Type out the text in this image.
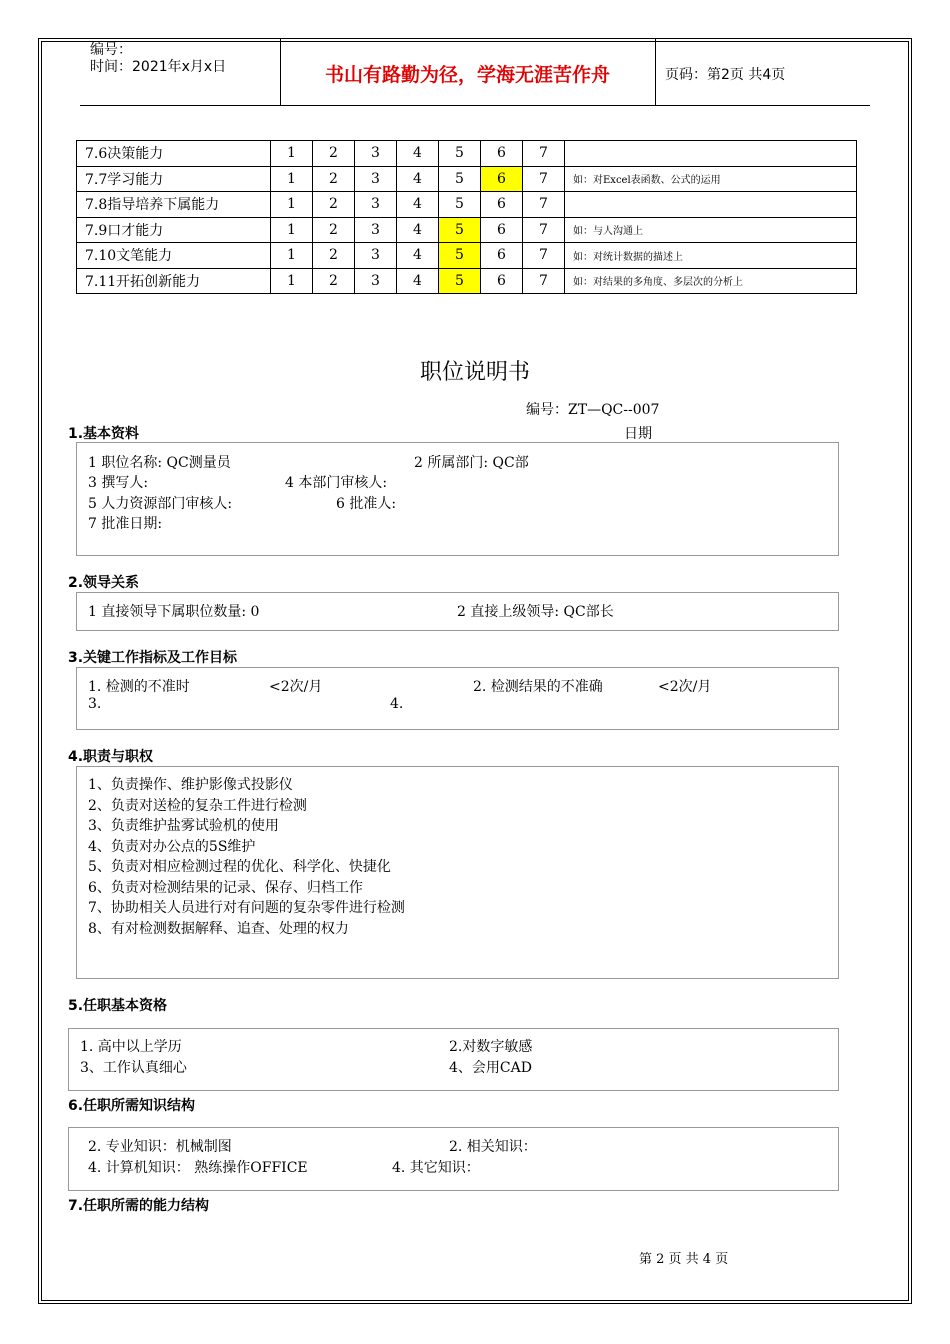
编号：
时间：2021年x月x日	书山有路勤为径，学海无涯苦作舟	页码：第2页 共4页
7.6决策能力	1	2	3	4	5	6	7	
7.7学习能力	1	2	3	4	5	6	7	如：对Excel表函数、公式的运用
7.8指导培养下属能力	1	2	3	4	5	6	7	
7.9口才能力	1	2	3	4	5	6	7	如：与人沟通上
7.10文笔能力	1	2	3	4	5	6	7	如：对统计数据的描述上
7.11开拓创新能力	1	2	3	4	5	6	7	如：对结果的多角度、多层次的分析上
职位说明书
编号：ZT—QC--007
日期
1.基本资料
1 职位名称: QC测量员	2 所属部门: QC部
3 撰写人:	4 本部门审核人:
5 人力资源部门审核人:	6 批准人:
7 批准日期:
2.领导关系
1 直接领导下属职位数量: 0	2 直接上级领导: QC部长
3.关键工作指标及工作目标
1. 检测的不准时	<2次/月	2. 检测结果的不准确	<2次/月
3.	4.
4.职责与职权
1、负责操作、维护影像式投影仪
2、负责对送检的复杂工件进行检测
3、负责维护盐雾试验机的使用
4、负责对办公点的5S维护
5、负责对相应检测过程的优化、科学化、快捷化
6、负责对检测结果的记录、保存、归档工作
7、协助相关人员进行对有问题的复杂零件进行检测
8、有对检测数据解释、追查、处理的权力
5.任职基本资格
1. 高中以上学历	2.对数字敏感
3、工作认真细心	4、会用CAD
6.任职所需知识结构
2. 专业知识：机械制图	2. 相关知识：
4. 计算机知识： 熟练操作OFFICE	4. 其它知识：
7.任职所需的能力结构
第 2 页 共 4 页
